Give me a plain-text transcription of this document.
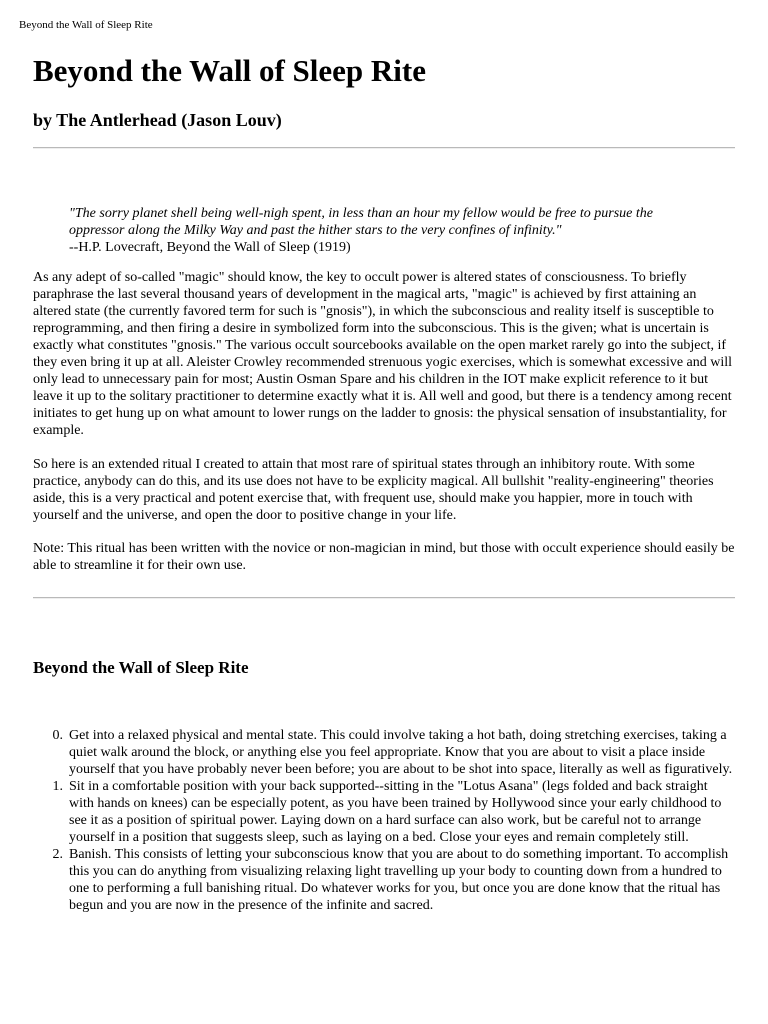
Beyond the Wall of Sleep Rite
Beyond the Wall of Sleep Rite
by The Antlerhead (Jason Louv)
"The sorry planet shell being well-nigh spent, in less than an hour my fellow would be free to pursue the oppressor along the Milky Way and past the hither stars to the very confines of infinity."
--H.P. Lovecraft, Beyond the Wall of Sleep (1919)

As any adept of so-called "magic" should know, the key to occult power is altered states of consciousness. To briefly paraphrase the last several thousand years of development in the magical arts, "magic" is achieved by first attaining an altered state (the currently favored term for such is "gnosis"), in which the subconscious and reality itself is susceptible to reprogramming, and then firing a desire in symbolized form into the subconscious. This is the given; what is uncertain is exactly what constitutes "gnosis." The various occult sourcebooks available on the open market rarely go into the subject, if they even bring it up at all. Aleister Crowley recommended strenuous yogic exercises, which is somewhat excessive and will only lead to unnecessary pain for most; Austin Osman Spare and his children in the IOT make explicit reference to it but leave it up to the solitary practitioner to determine exactly what it is. All well and good, but there is a tendency among recent initiates to get hung up on what amount to lower rungs on the ladder to gnosis: the physical sensation of insubstantiality, for example.

So here is an extended ritual I created to attain that most rare of spiritual states through an inhibitory route. With some practice, anybody can do this, and its use does not have to be explicity magical. All bullshit "reality-engineering" theories aside, this is a very practical and potent exercise that, with frequent use, should make you happier, more in touch with yourself and the universe, and open the door to positive change in your life.

Note: This ritual has been written with the novice or non-magician in mind, but those with occult experience should easily be able to streamline it for their own use.

Beyond the Wall of Sleep Rite
0. Get into a relaxed physical and mental state. This could involve taking a hot bath, doing stretching exercises, taking a quiet walk around the block, or anything else you feel appropriate. Know that you are about to visit a place inside yourself that you have probably never been before; you are about to be shot into space, literally as well as figuratively.
1. Sit in a comfortable position with your back supported--sitting in the "Lotus Asana" (legs folded and back straight with hands on knees) can be especially potent, as you have been trained by Hollywood since your early childhood to see it as a position of spiritual power. Laying down on a hard surface can also work, but be careful not to arrange yourself in a position that suggests sleep, such as laying on a bed. Close your eyes and remain completely still.
2. Banish. This consists of letting your subconscious know that you are about to do something important. To accomplish this you can do anything from visualizing relaxing light travelling up your body to counting down from a hundred to one to performing a full banishing ritual. Do whatever works for you, but once you are done know that the ritual has begun and you are now in the presence of the infinite and sacred.
